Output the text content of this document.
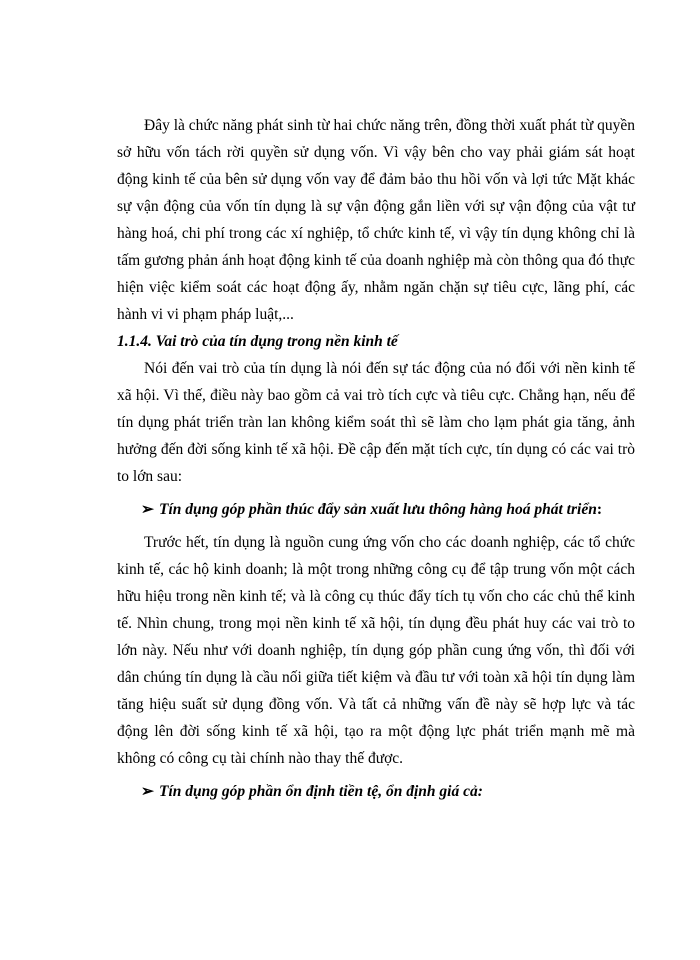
Đây là chức năng phát sinh từ hai chức năng trên, đồng thời xuất phát từ quyền sở hữu vốn tách rời quyền sử dụng vốn. Vì vậy bên cho vay phải giám sát hoạt động kinh tế của bên sử dụng vốn vay để đảm bảo thu hồi vốn và lợi tức Mặt khác sự vận động của vốn tín dụng là sự vận động gắn liền với sự vận động của vật tư hàng hoá, chi phí trong các xí nghiệp, tổ chức kinh tế, vì vậy tín dụng không chỉ là tấm gương phản ánh hoạt động kinh tế của doanh nghiệp mà còn thông qua đó thực hiện việc kiểm soát các hoạt động ấy, nhằm ngăn chặn sự tiêu cực, lãng phí, các hành vi vi phạm pháp luật,...

1.1.4. Vai trò của tín dụng trong nền kinh tế

Nói đến vai trò của tín dụng là nói đến sự tác động của nó đối với nền kinh tế xã hội. Vì thế, điều này bao gồm cả vai trò tích cực và tiêu cực. Chẳng hạn, nếu để tín dụng phát triển tràn lan không kiểm soát thì sẽ làm cho lạm phát gia tăng, ảnh hưởng đến đời sống kinh tế xã hội. Đề cập đến mặt tích cực, tín dụng có các vai trò to lớn sau:

➢ Tín dụng góp phần thúc đẩy sản xuất lưu thông hàng hoá phát triển:

Trước hết, tín dụng là nguồn cung ứng vốn cho các doanh nghiệp, các tổ chức kinh tế, các hộ kinh doanh; là một trong những công cụ để tập trung vốn một cách hữu hiệu trong nền kinh tế; và là công cụ thúc đẩy tích tụ vốn cho các chủ thể kinh tế. Nhìn chung, trong mọi nền kinh tế xã hội, tín dụng đều phát huy các vai trò to lớn này. Nếu như với doanh nghiệp, tín dụng góp phần cung ứng vốn, thì đối với dân chúng tín dụng là cầu nối giữa tiết kiệm và đầu tư với toàn xã hội tín dụng làm tăng hiệu suất sử dụng đồng vốn. Và tất cả những vấn đề này sẽ hợp lực và tác động lên đời sống kinh tế xã hội, tạo ra một động lực phát triển mạnh mẽ mà không có công cụ tài chính nào thay thế được.

➢ Tín dụng góp phần ổn định tiền tệ, ổn định giá cả:
